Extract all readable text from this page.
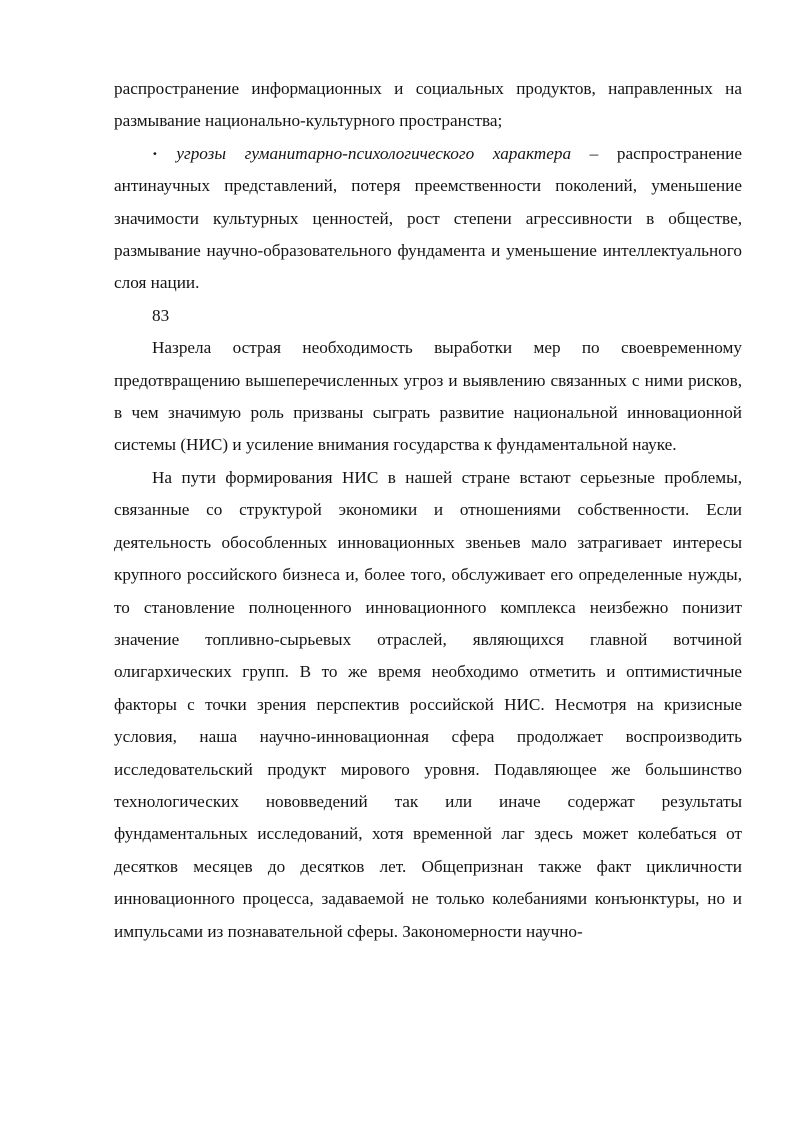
распространение информационных и социальных продуктов, направленных на размывание национально-культурного пространства;

· угрозы гуманитарно-психологического характера – распространение антинаучных представлений, потеря преемственности поколений, уменьшение значимости культурных ценностей, рост степени агрессивности в обществе, размывание научно-образовательного фундамента и уменьшение интеллектуального слоя нации.

83

Назрела острая необходимость выработки мер по своевременному предотвращению вышеперечисленных угроз и выявлению связанных с ними рисков, в чем значимую роль призваны сыграть развитие национальной инновационной системы (НИС) и усиление внимания государства к фундаментальной науке.

На пути формирования НИС в нашей стране встают серьезные проблемы, связанные со структурой экономики и отношениями собственности. Если деятельность обособленных инновационных звеньев мало затрагивает интересы крупного российского бизнеса и, более того, обслуживает его определенные нужды, то становление полноценного инновационного комплекса неизбежно понизит значение топливно-сырьевых отраслей, являющихся главной вотчиной олигархических групп. В то же время необходимо отметить и оптимистичные факторы с точки зрения перспектив российской НИС. Несмотря на кризисные условия, наша научно-инновационная сфера продолжает воспроизводить исследовательский продукт мирового уровня. Подавляющее же большинство технологических нововведений так или иначе содержат результаты фундаментальных исследований, хотя временной лаг здесь может колебаться от десятков месяцев до десятков лет. Общепризнан также факт цикличности инновационного процесса, задаваемой не только колебаниями конъюнктуры, но и импульсами из познавательной сферы. Закономерности научно-
